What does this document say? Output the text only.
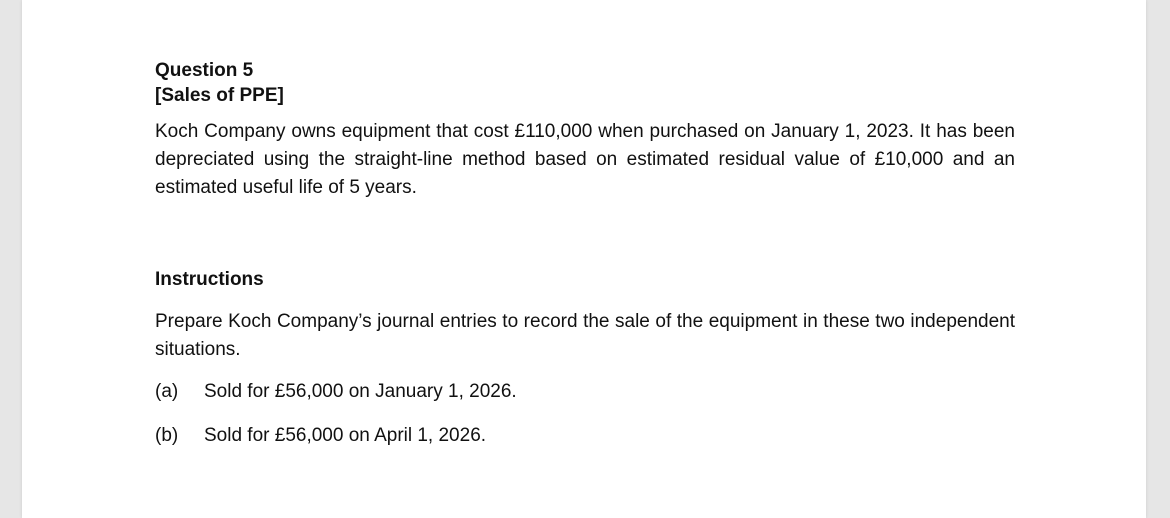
Question 5

[Sales of PPE]

Koch Company owns equipment that cost £110,000 when purchased on January 1, 2023. It has been depreciated using the straight-line method based on estimated residual value of £10,000 and an estimated useful life of 5 years.

Instructions

Prepare Koch Company’s journal entries to record the sale of the equipment in these two independent situations.

(a)	Sold for £56,000 on January 1, 2026.
(b)	Sold for £56,000 on April 1, 2026.
